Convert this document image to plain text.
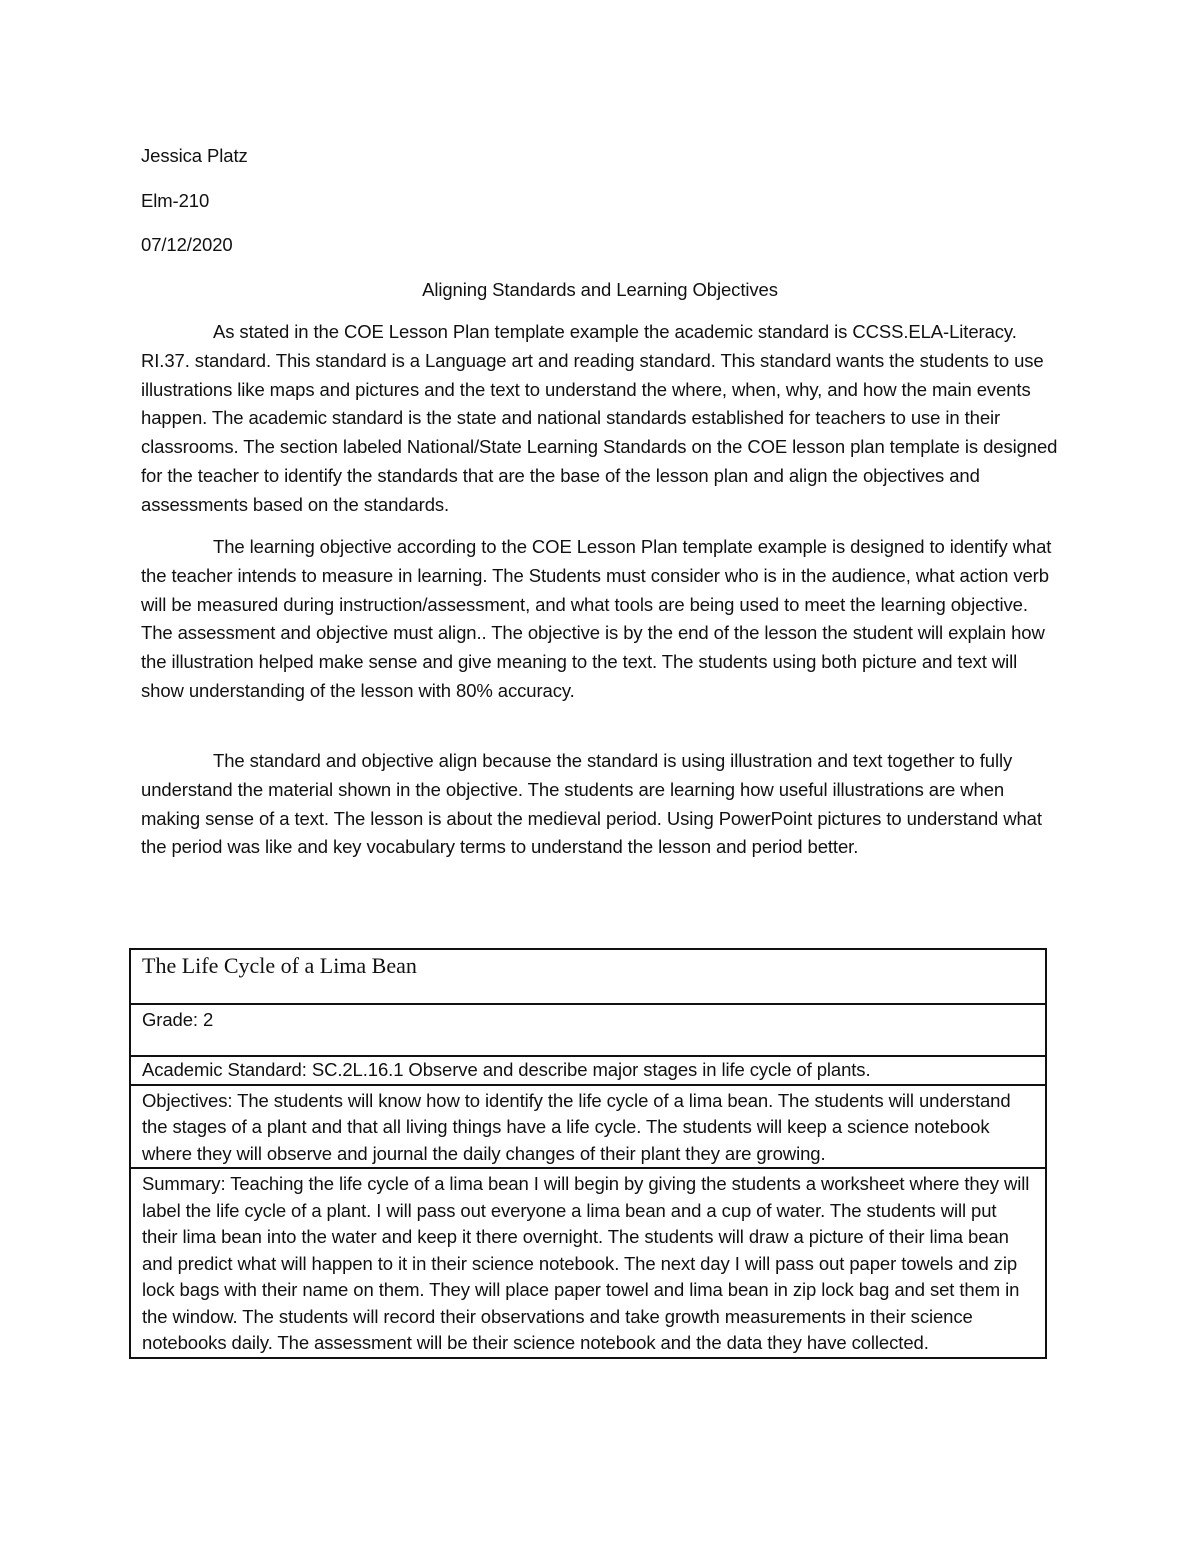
Jessica Platz
Elm-210
07/12/2020
Aligning Standards and Learning Objectives

As stated in the COE Lesson Plan template example the academic standard is CCSS.ELA-Literacy. RI.37. standard. This standard is a Language art and reading standard. This standard wants the students to use illustrations like maps and pictures and the text to understand the where, when, why, and how the main events happen. The academic standard is the state and national standards established for teachers to use in their classrooms. The section labeled National/State Learning Standards on the COE lesson plan template is designed for the teacher to identify the standards that are the base of the lesson plan and align the objectives and assessments based on the standards.

The learning objective according to the COE Lesson Plan template example is designed to identify what the teacher intends to measure in learning. The Students must consider who is in the audience, what action verb will be measured during instruction/assessment, and what tools are being used to meet the learning objective. The assessment and objective must align.. The objective is by the end of the lesson the student will explain how the illustration helped make sense and give meaning to the text. The students using both picture and text will show understanding of the lesson with 80% accuracy.

The standard and objective align because the standard is using illustration and text together to fully understand the material shown in the objective. The students are learning how useful illustrations are when making sense of a text. The lesson is about the medieval period. Using PowerPoint pictures to understand what the period was like and key vocabulary terms to understand the lesson and period better.

The Life Cycle of a Lima Bean
Grade: 2
Academic Standard: SC.2L.16.1 Observe and describe major stages in life cycle of plants.
Objectives: The students will know how to identify the life cycle of a lima bean. The students will understand the stages of a plant and that all living things have a life cycle. The students will keep a science notebook where they will observe and journal the daily changes of their plant they are growing.
Summary: Teaching the life cycle of a lima bean I will begin by giving the students a worksheet where they will label the life cycle of a plant. I will pass out everyone a lima bean and a cup of water. The students will put their lima bean into the water and keep it there overnight. The students will draw a picture of their lima bean and predict what will happen to it in their science notebook. The next day I will pass out paper towels and zip lock bags with their name on them. They will place paper towel and lima bean in zip lock bag and set them in the window. The students will record their observations and take growth measurements in their science notebooks daily. The assessment will be their science notebook and the data they have collected.
